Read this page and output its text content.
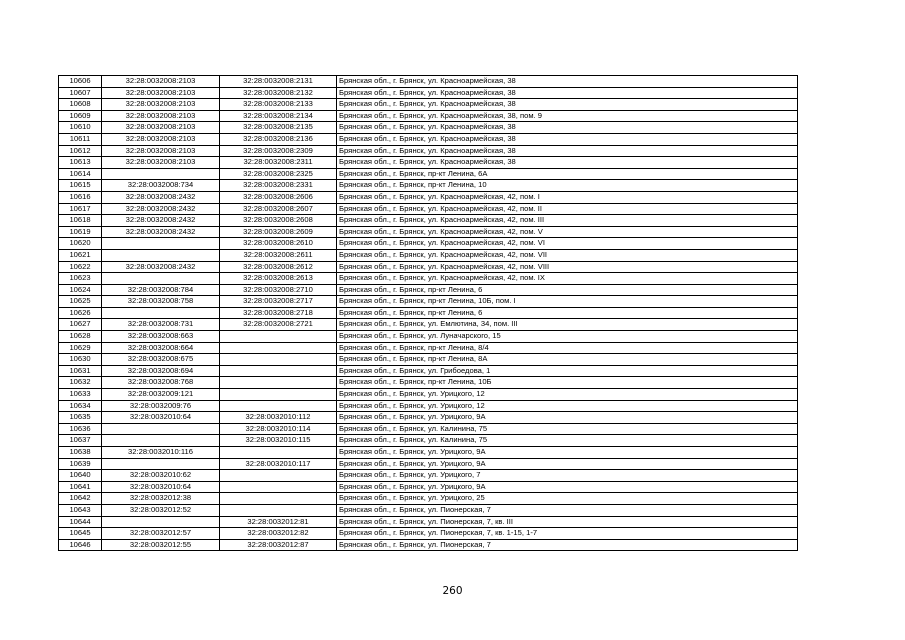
10606	32:28:0032008:2103	32:28:0032008:2131	Брянская обл., г. Брянск, ул. Красноармейская, 38
10607	32:28:0032008:2103	32:28:0032008:2132	Брянская обл., г. Брянск, ул. Красноармейская, 38
10608	32:28:0032008:2103	32:28:0032008:2133	Брянская обл., г. Брянск, ул. Красноармейская, 38
10609	32:28:0032008:2103	32:28:0032008:2134	Брянская обл., г. Брянск, ул. Красноармейская, 38, пом. 9
10610	32:28:0032008:2103	32:28:0032008:2135	Брянская обл., г. Брянск, ул. Красноармейская, 38
10611	32:28:0032008:2103	32:28:0032008:2136	Брянская обл., г. Брянск, ул. Красноармейская, 38
10612	32:28:0032008:2103	32:28:0032008:2309	Брянская обл., г. Брянск, ул. Красноармейская, 38
10613	32:28:0032008:2103	32:28:0032008:2311	Брянская обл., г. Брянск, ул. Красноармейская, 38
10614		32:28:0032008:2325	Брянская обл., г. Брянск, пр-кт Ленина, 6А
10615	32:28:0032008:734	32:28:0032008:2331	Брянская обл., г. Брянск, пр-кт Ленина, 10
10616	32:28:0032008:2432	32:28:0032008:2606	Брянская обл., г. Брянск, ул. Красноармейская, 42, пом. I
10617	32:28:0032008:2432	32:28:0032008:2607	Брянская обл., г. Брянск, ул. Красноармейская, 42, пом. II
10618	32:28:0032008:2432	32:28:0032008:2608	Брянская обл., г. Брянск, ул. Красноармейская, 42, пом. III
10619	32:28:0032008:2432	32:28:0032008:2609	Брянская обл., г. Брянск, ул. Красноармейская, 42, пом. V
10620		32:28:0032008:2610	Брянская обл., г. Брянск, ул. Красноармейская, 42, пом. VI
10621		32:28:0032008:2611	Брянская обл., г. Брянск, ул. Красноармейская, 42, пом. VII
10622	32:28:0032008:2432	32:28:0032008:2612	Брянская обл., г. Брянск, ул. Красноармейская, 42, пом. VIII
10623		32:28:0032008:2613	Брянская обл., г. Брянск, ул. Красноармейская, 42, пом. IX
10624	32:28:0032008:784	32:28:0032008:2710	Брянская обл., г. Брянск, пр-кт Ленина, 6
10625	32:28:0032008:758	32:28:0032008:2717	Брянская обл., г. Брянск, пр-кт Ленина, 10Б, пом. I
10626		32:28:0032008:2718	Брянская обл., г. Брянск, пр-кт Ленина, 6
10627	32:28:0032008:731	32:28:0032008:2721	Брянская обл., г. Брянск, ул. Емлютина, 34, пом. III
10628	32:28:0032008:663		Брянская обл., г. Брянск, ул. Луначарского, 15
10629	32:28:0032008:664		Брянская обл., г. Брянск, пр-кт Ленина, 8/4
10630	32:28:0032008:675		Брянская обл., г. Брянск, пр-кт Ленина, 8А
10631	32:28:0032008:694		Брянская обл., г. Брянск, ул. Грибоедова, 1
10632	32:28:0032008:768		Брянская обл., г. Брянск, пр-кт Ленина, 10Б
10633	32:28:0032009:121		Брянская обл., г. Брянск, ул. Урицкого, 12
10634	32:28:0032009:76		Брянская обл., г. Брянск, ул. Урицкого, 12
10635	32:28:0032010:64	32:28:0032010:112	Брянская обл., г. Брянск, ул. Урицкого, 9А
10636		32:28:0032010:114	Брянская обл., г. Брянск, ул. Калинина, 75
10637		32:28:0032010:115	Брянская обл., г. Брянск, ул. Калинина, 75
10638	32:28:0032010:116		Брянская обл., г. Брянск, ул. Урицкого, 9А
10639		32:28:0032010:117	Брянская обл., г. Брянск, ул. Урицкого, 9А
10640	32:28:0032010:62		Брянская обл., г. Брянск, ул. Урицкого, 7
10641	32:28:0032010:64		Брянская обл., г. Брянск, ул. Урицкого, 9А
10642	32:28:0032012:38		Брянская обл., г. Брянск, ул. Урицкого, 25
10643	32:28:0032012:52		Брянская обл., г. Брянск, ул. Пионерская, 7
10644		32:28:0032012:81	Брянская обл., г. Брянск, ул. Пионерская, 7, кв. III
10645	32:28:0032012:57	32:28:0032012:82	Брянская обл., г. Брянск, ул. Пионерская, 7, кв. 1-15, 1-7
10646	32:28:0032012:55	32:28:0032012:87	Брянская обл., г. Брянск, ул. Пионерская, 7
260
